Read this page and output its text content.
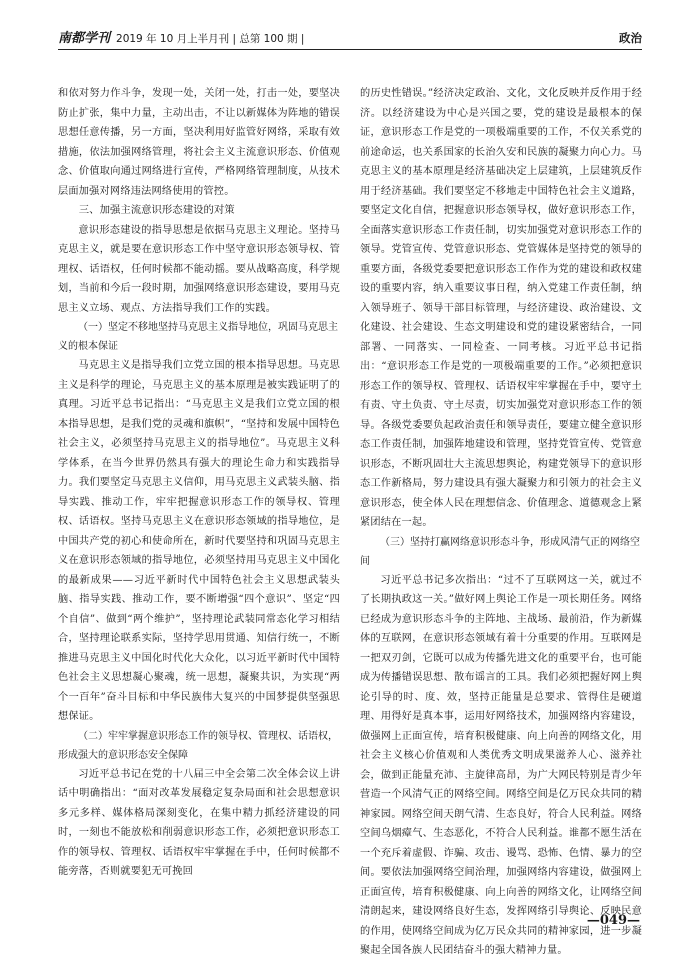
南都学刊 2019 年 10 月上半月刊 | 总第 100 期 |	政治

和依对努力作斗争，发现一处，关闭一处，打击一处，要坚决防止扩张，集中力量，主动出击，不让以新媒体为阵地的错误思想任意传播，另一方面，坚决利用好监管好网络，采取有效措施，依法加强网络管理，将社会主义主流意识形态、价值观念、价值取向通过网络进行宣传，严格网络管理制度，从技术层面加强对网络违法网络使用的管控。

三、加强主流意识形态建设的对策

意识形态建设的指导思想是依据马克思主义理论。坚持马克思主义，就是要在意识形态工作中坚守意识形态领导权、管理权、话语权，任何时候都不能动摇。要从战略高度，科学规划，当前和今后一段时期，加强网络意识形态建设，要用马克思主义立场、观点、方法指导我们工作的实践。

（一）坚定不移地坚持马克思主义指导地位，巩固马克思主义的根本保证

马克思主义是指导我们立党立国的根本指导思想。马克思主义是科学的理论，马克思主义的基本原理是被实践证明了的真理。习近平总书记指出：“马克思主义是我们立党立国的根本指导思想，是我们党的灵魂和旗帜”，“坚持和发展中国特色社会主义，必须坚持马克思主义的指导地位”。马克思主义科学体系，在当今世界仍然具有强大的理论生命力和实践指导力。我们要坚定马克思主义信仰，用马克思主义武装头脑、指导实践、推动工作，牢牢把握意识形态工作的领导权、管理权、话语权。坚持马克思主义在意识形态领域的指导地位，是中国共产党的初心和使命所在，新时代要坚持和巩固马克思主义在意识形态领域的指导地位，必须坚持用马克思主义中国化的最新成果——习近平新时代中国特色社会主义思想武装头脑、指导实践、推动工作，要不断增强“四个意识”、坚定“四个自信”、做到“两个维护”，坚持理论武装同常态化学习相结合，坚持理论联系实际，坚持学思用贯通、知信行统一，不断推进马克思主义中国化时代化大众化，以习近平新时代中国特色社会主义思想凝心聚魂，统一思想，凝聚共识，为实现“两个一百年”奋斗目标和中华民族伟大复兴的中国梦提供坚强思想保证。

（二）牢牢掌握意识形态工作的领导权、管理权、话语权，形成强大的意识形态安全保障

习近平总书记在党的十八届三中全会第二次全体会议上讲话中明确指出：“面对改革发展稳定复杂局面和社会思想意识多元多样、媒体格局深刻变化，在集中精力抓经济建设的同时，一刻也不能放松和削弱意识形态工作，必须把意识形态工作的领导权、管理权、话语权牢牢掌握在手中，任何时候都不能旁落，否则就要犯无可挽回

的历史性错误。”经济决定政治、文化，文化反映并反作用于经济。以经济建设为中心是兴国之要，党的建设是最根本的保证，意识形态工作是党的一项极端重要的工作，不仅关系党的前途命运，也关系国家的长治久安和民族的凝聚力向心力。马克思主义的基本原理是经济基础决定上层建筑，上层建筑反作用于经济基础。我们要坚定不移地走中国特色社会主义道路，要坚定文化自信，把握意识形态领导权，做好意识形态工作，全面落实意识形态工作责任制，切实加强党对意识形态工作的领导。党管宣传、党管意识形态、党管媒体是坚持党的领导的重要方面，各级党委要把意识形态工作作为党的建设和政权建设的重要内容，纳入重要议事日程，纳入党建工作责任制，纳入领导班子、领导干部目标管理，与经济建设、政治建设、文化建设、社会建设、生态文明建设和党的建设紧密结合，一同部署、一同落实、一同检查、一同考核。习近平总书记指出：“意识形态工作是党的一项极端重要的工作。”必须把意识形态工作的领导权、管理权、话语权牢牢掌握在手中，要守土有责、守土负责、守土尽责，切实加强党对意识形态工作的领导。各级党委要负起政治责任和领导责任，要建立健全意识形态工作责任制，加强阵地建设和管理，坚持党管宣传、党管意识形态，不断巩固壮大主流思想舆论，构建党领导下的意识形态工作新格局，努力建设具有强大凝聚力和引领力的社会主义意识形态，使全体人民在理想信念、价值理念、道德观念上紧紧团结在一起。

（三）坚持打赢网络意识形态斗争，形成风清气正的网络空间

习近平总书记多次指出：“过不了互联网这一关，就过不了长期执政这一关。”做好网上舆论工作是一项长期任务。网络已经成为意识形态斗争的主阵地、主战场、最前沿，作为新媒体的互联网，在意识形态领域有着十分重要的作用。互联网是一把双刃剑，它既可以成为传播先进文化的重要平台，也可能成为传播错误思想、散布谣言的工具。我们必须把握好网上舆论引导的时、度、效，坚持正能量是总要求、管得住是硬道理、用得好是真本事，运用好网络技术，加强网络内容建设，做强网上正面宣传，培育积极健康、向上向善的网络文化，用社会主义核心价值观和人类优秀文明成果滋养人心、滋养社会，做到正能量充沛、主旋律高昂，为广大网民特别是青少年营造一个风清气正的网络空间。网络空间是亿万民众共同的精神家园。网络空间天朗气清、生态良好，符合人民利益。网络空间乌烟瘴气、生态恶化，不符合人民利益。谁都不愿生活在一个充斥着虚假、诈骗、攻击、谩骂、恐怖、色情、暴力的空间。要依法加强网络空间治理，加强网络内容建设，做强网上正面宣传，培育积极健康、向上向善的网络文化，让网络空间清朗起来，建设网络良好生态，发挥网络引导舆论、反映民意的作用，使网络空间成为亿万民众共同的精神家园，进一步凝聚起全国各族人民团结奋斗的强大精神力量。

—049—
